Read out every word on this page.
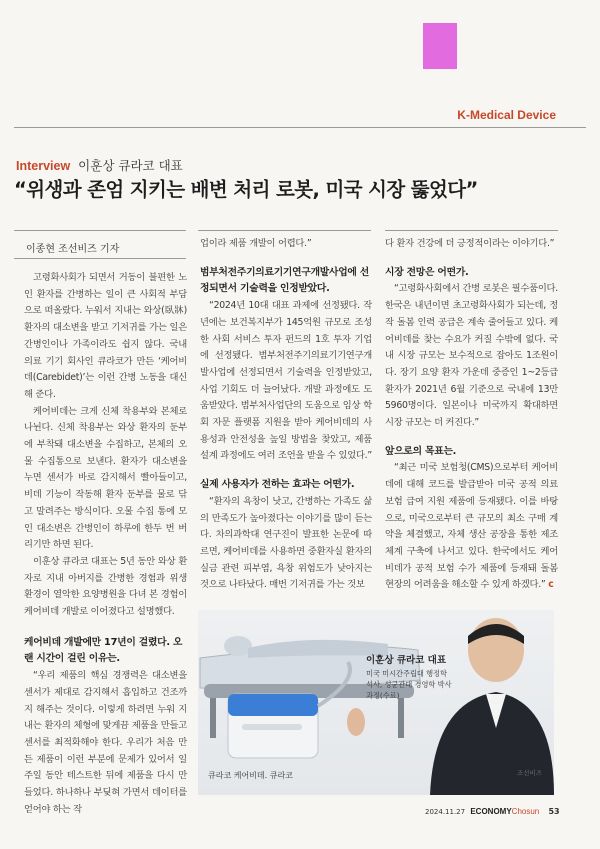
K-Medical Device
Interview 이훈상 큐라코 대표
“위생과 존엄 지키는 배변 처리 로봇, 미국 시장 뚫었다”
이종현 조선비즈 기자

고령화사회가 되면서 거동이 불편한 노인 환자를 간병하는 일이 큰 사회적 부담으로 떠올랐다. 누워서 지내는 와상(臥牀) 환자의 대소변을 받고 기저귀를 가는 일은 간병인이나 가족이라도 쉽지 않다. 국내 의료 기기 회사인 큐라코가 만든 ‘케어비데(Carebidet)’는 이런 간병 노동을 대신해 준다.

케어비데는 크게 신체 착용부와 본체로 나뉜다. 신체 착용부는 와상 환자의 둔부에 부착돼 대소변을 수집하고, 본체의 오물 수집통으로 보낸다. 환자가 대소변을 누면 센서가 바로 감지해서 빨아들이고, 비데 기능이 작동해 환자 둔부를 물로 닦고 말려주는 방식이다. 오물 수집 통에 모인 대소변은 간병인이 하루에 한두 번 버리기만 하면 된다.

이훈상 큐라코 대표는 5년 동안 와상 환자로 지내 아버지를 간병한 경험과 위생 환경이 열악한 요양병원을 다녀 본 경험이 케어비데 개발로 이어졌다고 설명했다.

케어비데 개발에만 17년이 걸렸다. 오랜 시간이 걸린 이유는.

“우리 제품의 핵심 경쟁력은 대소변을 센서가 제대로 감지해서 흡입하고 건조까지 해주는 것이다. 이렇게 하려면 누워 지내는 환자의 체형에 맞게끔 제품을 만들고 센서를 최적화해야 한다. 우리가 처음 만든 제품이 이런 부분에 문제가 있어서 일주일 동안 테스트한 뒤에 제품을 다시 만들었다. 하나하나 부딪혀 가면서 데이터를 얻어야 하는 작

업이라 제품 개발이 어렵다.”

범부처전주기의료기기연구개발사업에 선정되면서 기술력을 인정받았다.

“2024년 10대 대표 과제에 선정됐다. 작년에는 보건복지부가 145억원 규모로 조성한 사회 서비스 투자 펀드의 1호 투자 기업에 선정됐다. 범부처전주기의료기기연구개발사업에 선정되면서 기술력을 인정받았고, 사업 기회도 더 늘어났다. 개발 과정에도 도움받았다. 범부처사업단의 도움으로 임상 학회 자문 플랫폼 지원을 받아 케어비데의 사용성과 안전성을 높일 방법을 찾았고, 제품 설계 과정에도 여러 조언을 받을 수 있었다.”

실제 사용자가 전하는 효과는 어떤가.

“환자의 욕창이 낫고, 간병하는 가족도 삶의 만족도가 높아졌다는 이야기를 많이 듣는다. 차의과학대 연구진이 발표한 논문에 따르면, 케어비데를 사용하면 중환자실 환자의 실금 관련 피부염, 욕창 위험도가 낮아지는 것으로 나타났다. 매번 기저귀를 가는 것보

다 환자 건강에 더 긍정적이라는 이야기다.”

시장 전망은 어떤가.

“고령화사회에서 간병 로봇은 필수품이다. 한국은 내년이면 초고령화사회가 되는데, 정작 돌봄 인력 공급은 계속 줄어들고 있다. 케어비데를 찾는 수요가 커질 수밖에 없다. 국내 시장 규모는 보수적으로 잡아도 1조원이다. 장기 요양 환자 가운데 중증인 1~2등급 환자가 2021년 6월 기준으로 국내에 13만 5960명이다. 일본이나 미국까지 확대하면 시장 규모는 더 커진다.”

앞으로의 목표는.

“최근 미국 보험청(CMS)으로부터 케어비데에 대해 코드를 발급받아 미국 공적 의료 보험 급여 지원 제품에 등재됐다. 이를 바탕으로, 미국으로부터 큰 규모의 최소 구매 계약을 체결했고, 자체 생산 공장을 통한 제조 체계 구축에 나서고 있다. 한국에서도 케어비데가 공적 보험 수가 제품에 등재돼 돌봄 현장의 어려움을 해소할 수 있게 하겠다.” c

이훈상 큐라코 대표
미국 미시간주립대 행정학 석사, 성균관대 경영학 박사과정(수료)
큐라코 케어비데. 큐라코	조선비즈
2024.11.27 ECONOMYChosun 53
